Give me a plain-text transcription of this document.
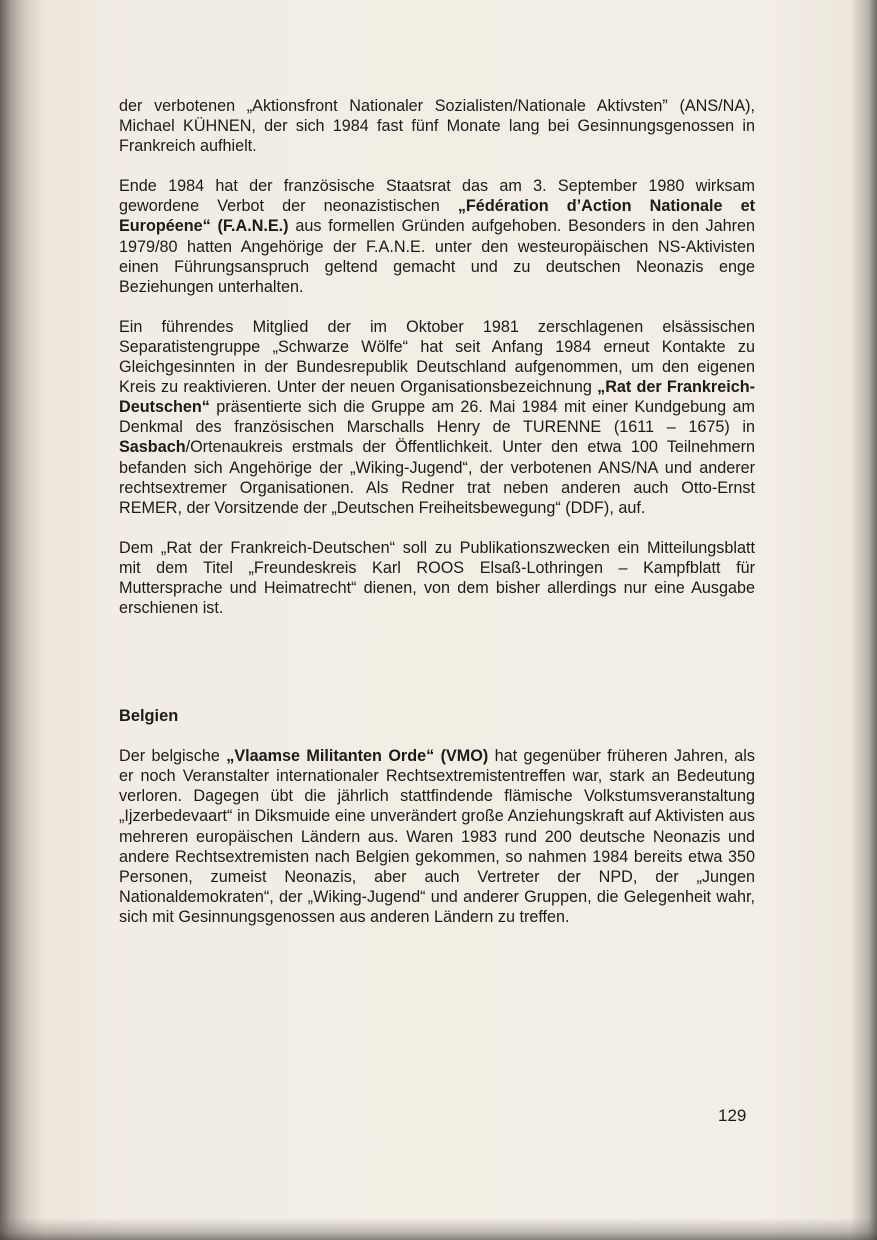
der verbotenen „Aktionsfront Nationaler Sozialisten/Nationale Aktivsten” (ANS/NA), Michael KÜHNEN, der sich 1984 fast fünf Monate lang bei Gesinnungsgenossen in Frankreich aufhielt.

Ende 1984 hat der französische Staatsrat das am 3. September 1980 wirksam gewordene Verbot der neonazistischen „Fédération d’Action Nationale et Européene“ (F.A.N.E.) aus formellen Gründen aufgehoben. Besonders in den Jahren 1979/80 hatten Angehörige der F.A.N.E. unter den westeuropäischen NS-Aktivisten einen Führungsanspruch geltend gemacht und zu deutschen Neonazis enge Beziehungen unterhalten.

Ein führendes Mitglied der im Oktober 1981 zerschlagenen elsässischen Separatistengruppe „Schwarze Wölfe“ hat seit Anfang 1984 erneut Kontakte zu Gleichgesinnten in der Bundesrepublik Deutschland aufgenommen, um den eigenen Kreis zu reaktivieren. Unter der neuen Organisationsbezeichnung „Rat der Frankreich-Deutschen“ präsentierte sich die Gruppe am 26. Mai 1984 mit einer Kundgebung am Denkmal des französischen Marschalls Henry de TURENNE (1611 – 1675) in Sasbach/Ortenaukreis erstmals der Öffentlichkeit. Unter den etwa 100 Teilnehmern befanden sich Angehörige der „Wiking-Jugend“, der verbotenen ANS/NA und anderer rechtsextremer Organisationen. Als Redner trat neben anderen auch Otto-Ernst REMER, der Vorsitzende der „Deutschen Freiheitsbewegung“ (DDF), auf.

Dem „Rat der Frankreich-Deutschen“ soll zu Publikationszwecken ein Mitteilungsblatt mit dem Titel „Freundeskreis Karl ROOS Elsaß-Lothringen – Kampfblatt für Muttersprache und Heimatrecht“ dienen, von dem bisher allerdings nur eine Ausgabe erschienen ist.

Belgien

Der belgische „Vlaamse Militanten Orde“ (VMO) hat gegenüber früheren Jahren, als er noch Veranstalter internationaler Rechtsextremistentreffen war, stark an Bedeutung verloren. Dagegen übt die jährlich stattfindende flämische Volkstumsveranstaltung „Ijzerbedevaart“ in Diksmuide eine unverändert große Anziehungskraft auf Aktivisten aus mehreren europäischen Ländern aus. Waren 1983 rund 200 deutsche Neonazis und andere Rechtsextremisten nach Belgien gekommen, so nahmen 1984 bereits etwa 350 Personen, zumeist Neonazis, aber auch Vertreter der NPD, der „Jungen Nationaldemokraten“, der „Wiking-Jugend“ und anderer Gruppen, die Gelegenheit wahr, sich mit Gesinnungsgenossen aus anderen Ländern zu treffen.

129
